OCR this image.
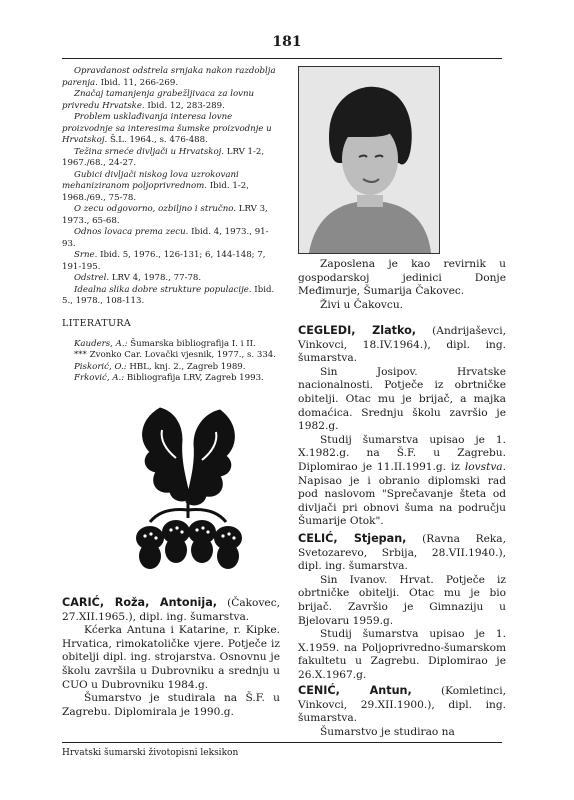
181

Opravdanost odstrela srnjaka nakon razdoblja parenja. Ibid. 11, 266-269.

Značaj tamanjenja grabežljivaca za lovnu privredu Hrvatske. Ibid. 12, 283-289.

Problem usklađivanja interesa lovne proizvodnje sa interesima šumske proizvodnje u Hrvatskoj. Š.L. 1964., s. 476-488.

Težina srneće divljači u Hrvatskoj. LRV 1-2, 1967./68., 24-27.

Gubici divljači niskog lova uzrokovani mehaniziranom poljoprivrednom. Ibid. 1-2, 1968./69., 75-78.

O zecu odgovorno, ozbiljno i stručno. LRV 3, 1973., 65-68.

Odnos lovaca prema zecu. Ibid. 4, 1973., 91-93.

Srne. Ibid. 5, 1976., 126-131; 6, 144-148; 7, 191-195.

Odstrel. LRV 4, 1978., 77-78.

Idealna slika dobre strukture populacije. Ibid. 5., 1978., 108-113.

LITERATURA

Kauders, A.: Šumarska bibliografija I. i II.

*** Zvonko Car. Lovački vjesnik, 1977., s. 334.

Piskorić, O.: HBL, knj. 2., Zagreb 1989.

Frković, A.: Bibliografija LRV, Zagreb 1993.

CARIĆ, Roža, Antonija, (Čakovec, 27.XII.1965.), dipl. ing. šumarstva.

Kćerka Antuna i Katarine, r. Kipke. Hrvatica, rimokatoličke vjere. Potječe iz obitelji dipl. ing. strojarstva. Osnovnu je školu završila u Dubrovniku a srednju u CUO u Dubrovniku 1984.g.

Šumarstvo je studirala na Š.F. u Zagrebu. Diplomirala je 1990.g.

Zaposlena je kao revirnik u gospodarskoj jedinici Donje Međimurje, Šumarija Čakovec.

Živi u Čakovcu.

CEGLEDI, Zlatko, (Andrijaševci, Vinkovci, 18.IV.1964.), dipl. ing. šumarstva.

Sin Josipov. Hrvatske nacionalnosti. Potječe iz obrtničke obitelji. Otac mu je brijač, a majka domaćica. Srednju školu završio je 1982.g.

Studij šumarstva upisao je 1. X.1982.g. na Š.F. u Zagrebu. Diplomirao je 11.II.1991.g. iz lovstva. Napisao je i obranio diplomski rad pod naslovom "Sprečavanje šteta od divljači pri obnovi šuma na području Šumarije Otok".

CELIĆ, Stjepan, (Ravna Reka, Svetozarevo, Srbija, 28.VII.1940.), dipl. ing. šumarstva.

Sin Ivanov. Hrvat. Potječe iz obrtničke obitelji. Otac mu je bio brijač. Završio je Gimnaziju u Bjelovaru 1959.g.

Studij šumarstva upisao je 1. X.1959. na Poljoprivredno-šumarskom fakultetu u Zagrebu. Diplomirao je 26.X.1967.g.

CENIĆ, Antun, (Komletinci, Vinkovci, 29.XII.1900.), dipl. ing. šumarstva.

Šumarstvo je studirao na

Hrvatski šumarski životopisni leksikon
